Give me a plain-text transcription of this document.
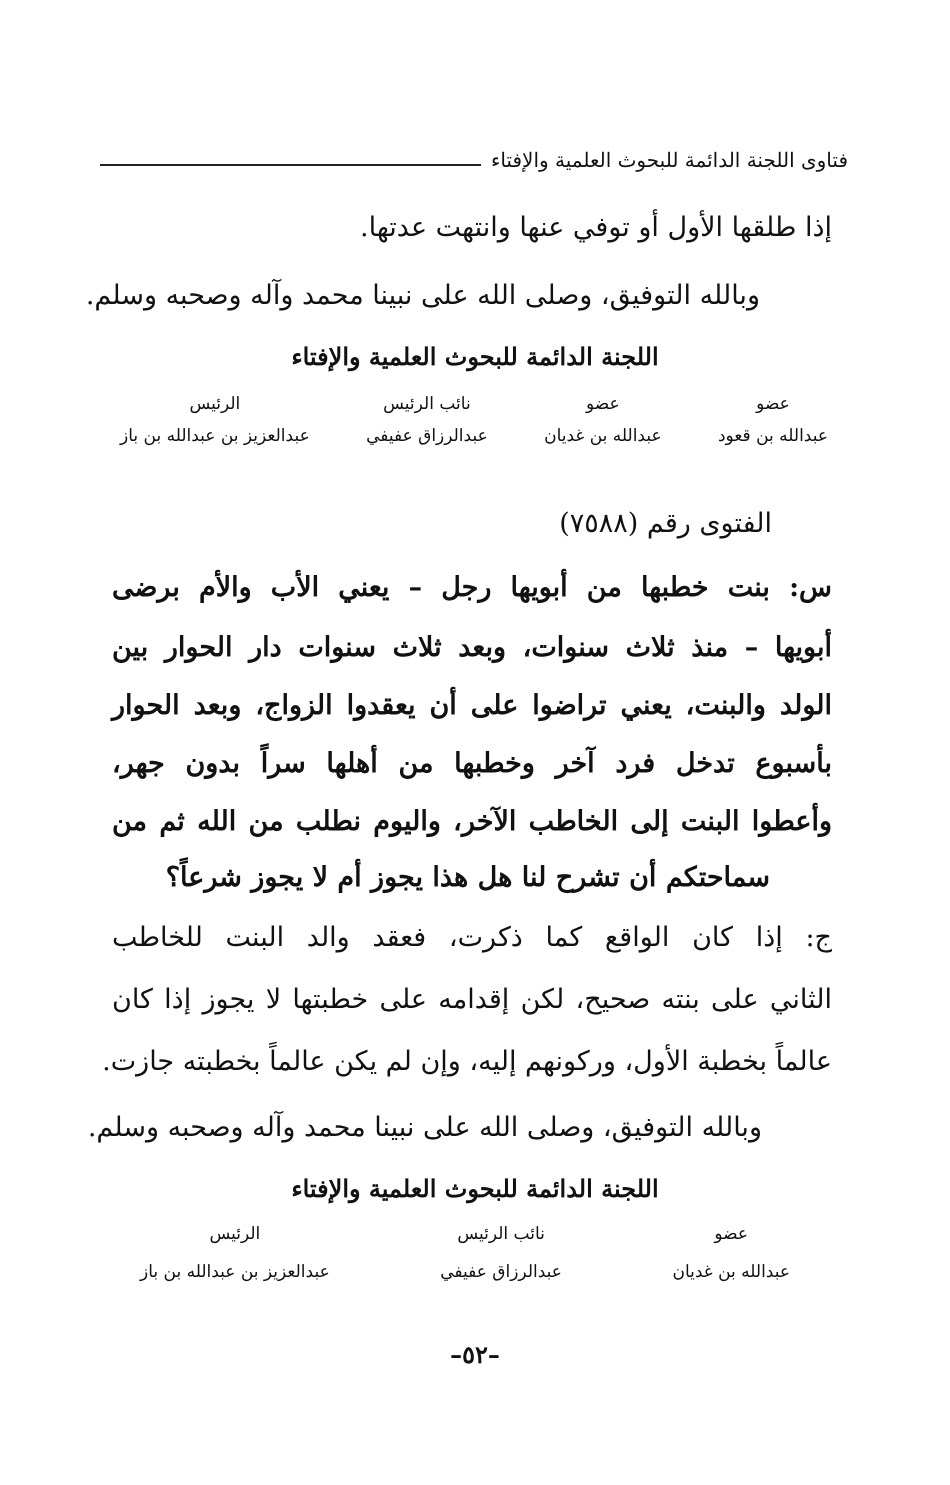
فتاوى اللجنة الدائمة للبحوث العلمية والإفتاء
إذا طلقها الأول أو توفي عنها وانتهت عدتها.
وبالله التوفيق، وصلى الله على نبينا محمد وآله وصحبه وسلم.
اللجنة الدائمة للبحوث العلمية والإفتاء
عضو
عبدالله بن قعود
عضو
عبدالله بن غديان
نائب الرئيس
عبدالرزاق عفيفي
الرئيس
عبدالعزيز بن عبدالله بن باز
الفتوى رقم (٧٥٨٨)
س: بنت خطبها من أبويها رجل – يعني الأب والأم برضى
أبويها – منذ ثلاث سنوات، وبعد ثلاث سنوات دار الحوار بين
الولد والبنت، يعني تراضوا على أن يعقدوا الزواج، وبعد الحوار
بأسبوع تدخل فرد آخر وخطبها من أهلها سراً بدون جهر،
وأعطوا البنت إلى الخاطب الآخر، واليوم نطلب من الله ثم من
سماحتكم أن تشرح لنا هل هذا يجوز أم لا يجوز شرعاً؟
ج: إذا كان الواقع كما ذكرت، فعقد والد البنت للخاطب
الثاني على بنته صحيح، لكن إقدامه على خطبتها لا يجوز إذا كان
عالماً بخطبة الأول، وركونهم إليه، وإن لم يكن عالماً بخطبته جازت.
وبالله التوفيق، وصلى الله على نبينا محمد وآله وصحبه وسلم.
اللجنة الدائمة للبحوث العلمية والإفتاء
عضو
عبدالله بن غديان
نائب الرئيس
عبدالرزاق عفيفي
الرئيس
عبدالعزيز بن عبدالله بن باز
–٥٢–
